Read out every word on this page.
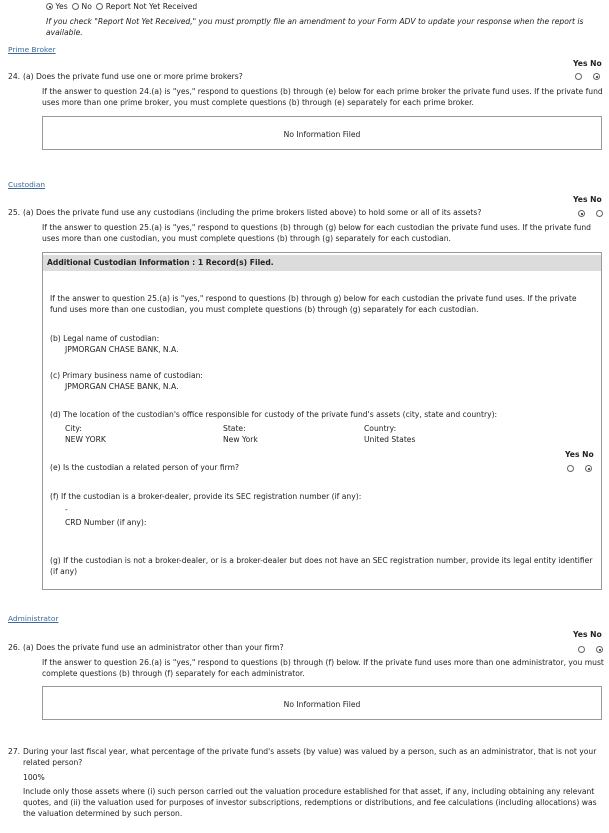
Yes No Report Not Yet Received
If you check "Report Not Yet Received," you must promptly file an amendment to your Form ADV to update your response when the report is available.
Prime Broker
Yes No
24. (a) Does the private fund use one or more prime brokers?

If the answer to question 24.(a) is "yes," respond to questions (b) through (e) below for each prime broker the private fund uses. If the private fund uses more than one prime broker, you must complete questions (b) through (e) separately for each prime broker.
No Information Filed
Custodian
Yes No
25. (a) Does the private fund use any custodians (including the prime brokers listed above) to hold some or all of its assets?

If the answer to question 25.(a) is "yes," respond to questions (b) through (g) below for each custodian the private fund uses. If the private fund uses more than one custodian, you must complete questions (b) through (g) separately for each custodian.
Additional Custodian Information : 1 Record(s) Filed.
If the answer to question 25.(a) is "yes," respond to questions (b) through g) below for each custodian the private fund uses. If the private fund uses more than one custodian, you must complete questions (b) through (g) separately for each custodian.
(b) Legal name of custodian:
JPMORGAN CHASE BANK, N.A.
(c) Primary business name of custodian:
JPMORGAN CHASE BANK, N.A.
(d) The location of the custodian's office responsible for custody of the private fund's assets (city, state and country):
City:
NEW YORK
State:
New York
Country:
United States
Yes No
(e) Is the custodian a related person of your firm?

(f) If the custodian is a broker-dealer, provide its SEC registration number (if any):
-
CRD Number (if any):
(g) If the custodian is not a broker-dealer, or is a broker-dealer but does not have an SEC registration number, provide its legal entity identifier (if any)
Administrator
Yes No
26. (a) Does the private fund use an administrator other than your firm?

If the answer to question 26.(a) is "yes," respond to questions (b) through (f) below. If the private fund uses more than one administrator, you must complete questions (b) through (f) separately for each administrator.
No Information Filed
27. During your last fiscal year, what percentage of the private fund's assets (by value) was valued by a person, such as an administrator, that is not your related person?
100%
Include only those assets where (i) such person carried out the valuation procedure established for that asset, if any, including obtaining any relevant quotes, and (ii) the valuation used for purposes of investor subscriptions, redemptions or distributions, and fee calculations (including allocations) was the valuation determined by such person.
